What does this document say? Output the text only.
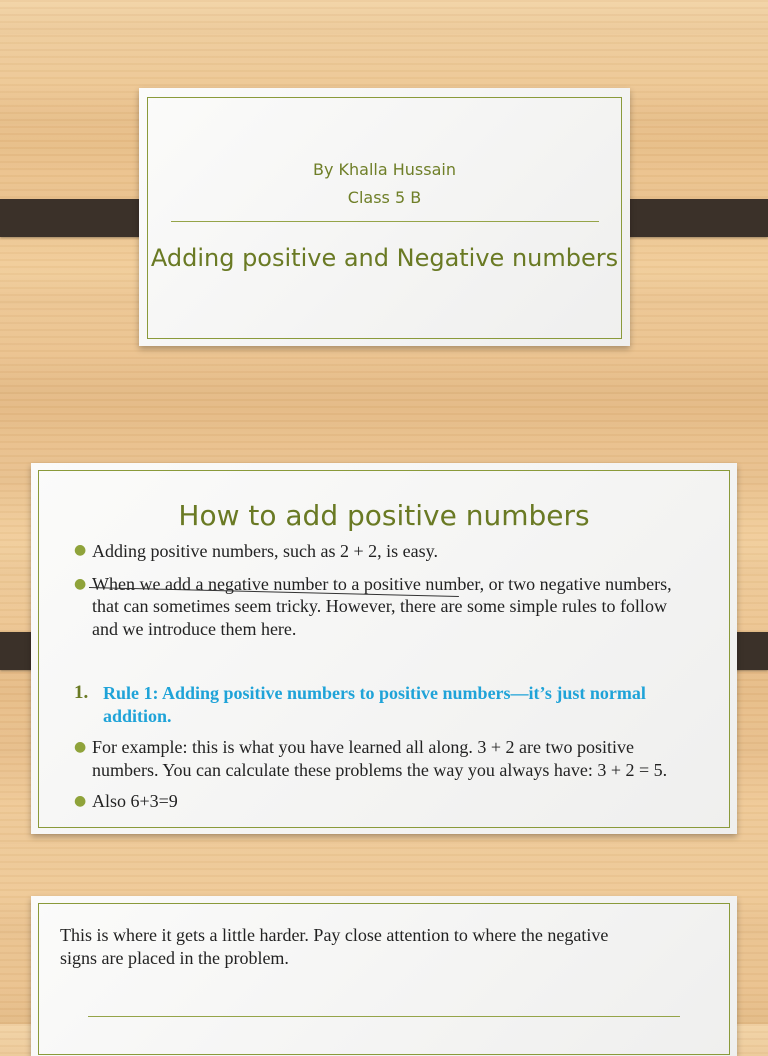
By Khalla Hussain
Class 5 B
Adding positive and Negative numbers
How to add positive numbers
● Adding positive numbers, such as 2 + 2, is easy.
● When we add a negative number to a positive number, or two negative numbers,
that can sometimes seem tricky. However, there are some simple rules to follow
and we introduce them here.
1. Rule 1: Adding positive numbers to positive numbers—it’s just normal
addition.
● For example: this is what you have learned all along. 3 + 2 are two positive
numbers. You can calculate these problems the way you always have: 3 + 2 = 5.
● Also 6+3=9
This is where it gets a little harder. Pay close attention to where the negative
signs are placed in the problem.
